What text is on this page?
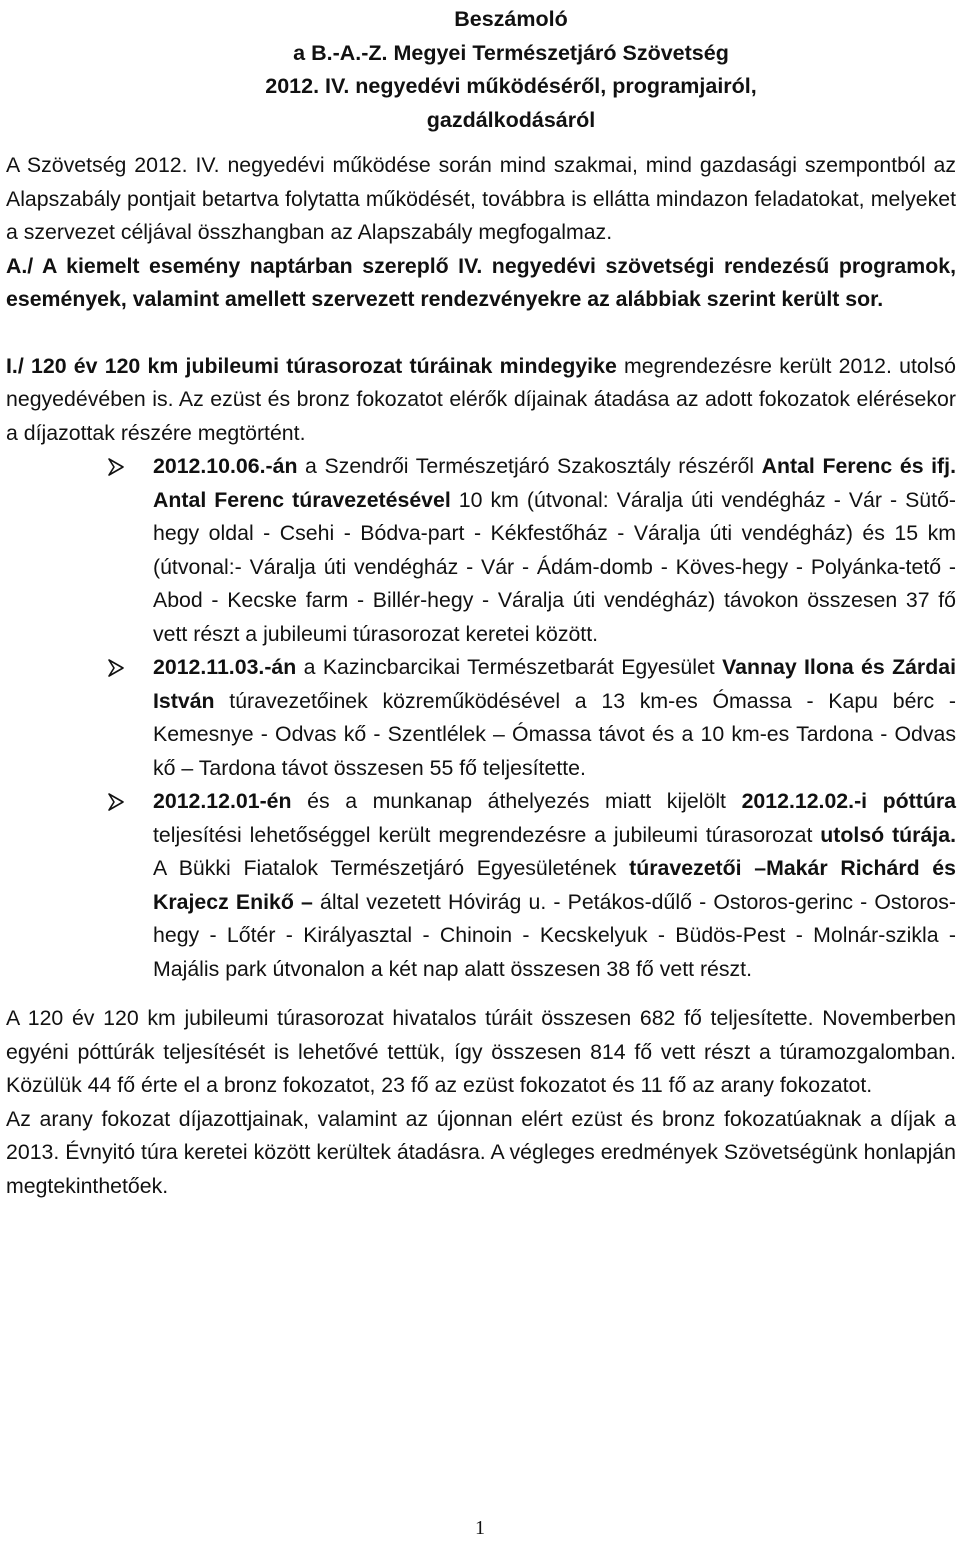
Beszámoló
a B.-A.-Z. Megyei Természetjáró Szövetség
2012. IV. negyedévi működéséről, programjairól,
gazdálkodásáról

A Szövetség 2012. IV. negyedévi működése során mind szakmai, mind gazdasági szempontból az Alapszabály pontjait betartva folytatta működését, továbbra is ellátta mindazon feladatokat, melyeket a szervezet céljával összhangban az Alapszabály megfogalmaz.

A./ A kiemelt esemény naptárban szereplő IV. negyedévi szövetségi rendezésű programok, események, valamint amellett szervezett rendezvényekre az alábbiak szerint került sor.

I./ 120 év 120 km jubileumi túrasorozat túráinak mindegyike megrendezésre került 2012. utolsó negyedévében is. Az ezüst és bronz fokozatot elérők díjainak átadása az adott fokozatok elérésekor a díjazottak részére megtörtént.

2012.10.06.-án a Szendrői Természetjáró Szakosztály részéről Antal Ferenc és ifj. Antal Ferenc túravezetésével 10 km (útvonal: Váralja úti vendégház - Vár - Sütő-hegy oldal - Csehi - Bódva-part - Kékfestőház - Váralja úti vendégház) és 15 km (útvonal:- Váralja úti vendégház - Vár - Ádám-domb - Köves-hegy - Polyánka-tető - Abod - Kecske farm - Billér-hegy - Váralja úti vendégház) távokon összesen 37 fő vett részt a jubileumi túrasorozat keretei között.
2012.11.03.-án a Kazincbarcikai Természetbarát Egyesület Vannay Ilona és Zárdai István túravezetőinek közreműködésével a 13 km-es Ómassa - Kapu bérc - Kemesnye - Odvas kő - Szentlélek – Ómassa távot és a 10 km-es Tardona - Odvas kő – Tardona távot összesen 55 fő teljesítette.
2012.12.01-én és a munkanap áthelyezés miatt kijelölt 2012.12.02.-i póttúra teljesítési lehetőséggel került megrendezésre a jubileumi túrasorozat utolsó túrája. A Bükki Fiatalok Természetjáró Egyesületének túravezetői –Makár Richárd és Krajecz Enikő – által vezetett Hóvirág u. - Petákos-dűlő - Ostoros-gerinc - Ostoros-hegy - Lőtér - Királyasztal - Chinoin - Kecskelyuk - Büdös-Pest - Molnár-szikla - Majális park útvonalon a két nap alatt összesen 38 fő vett részt.

A 120 év 120 km jubileumi túrasorozat hivatalos túráit összesen 682 fő teljesítette. Novemberben egyéni póttúrák teljesítését is lehetővé tettük, így összesen 814 fő vett részt a túramozgalomban. Közülük 44 fő érte el a bronz fokozatot, 23 fő az ezüst fokozatot és 11 fő az arany fokozatot.

Az arany fokozat díjazottjainak, valamint az újonnan elért ezüst és bronz fokozatúaknak a díjak a 2013. Évnyitó túra keretei között kerültek átadásra. A végleges eredmények Szövetségünk honlapján megtekinthetőek.

1
